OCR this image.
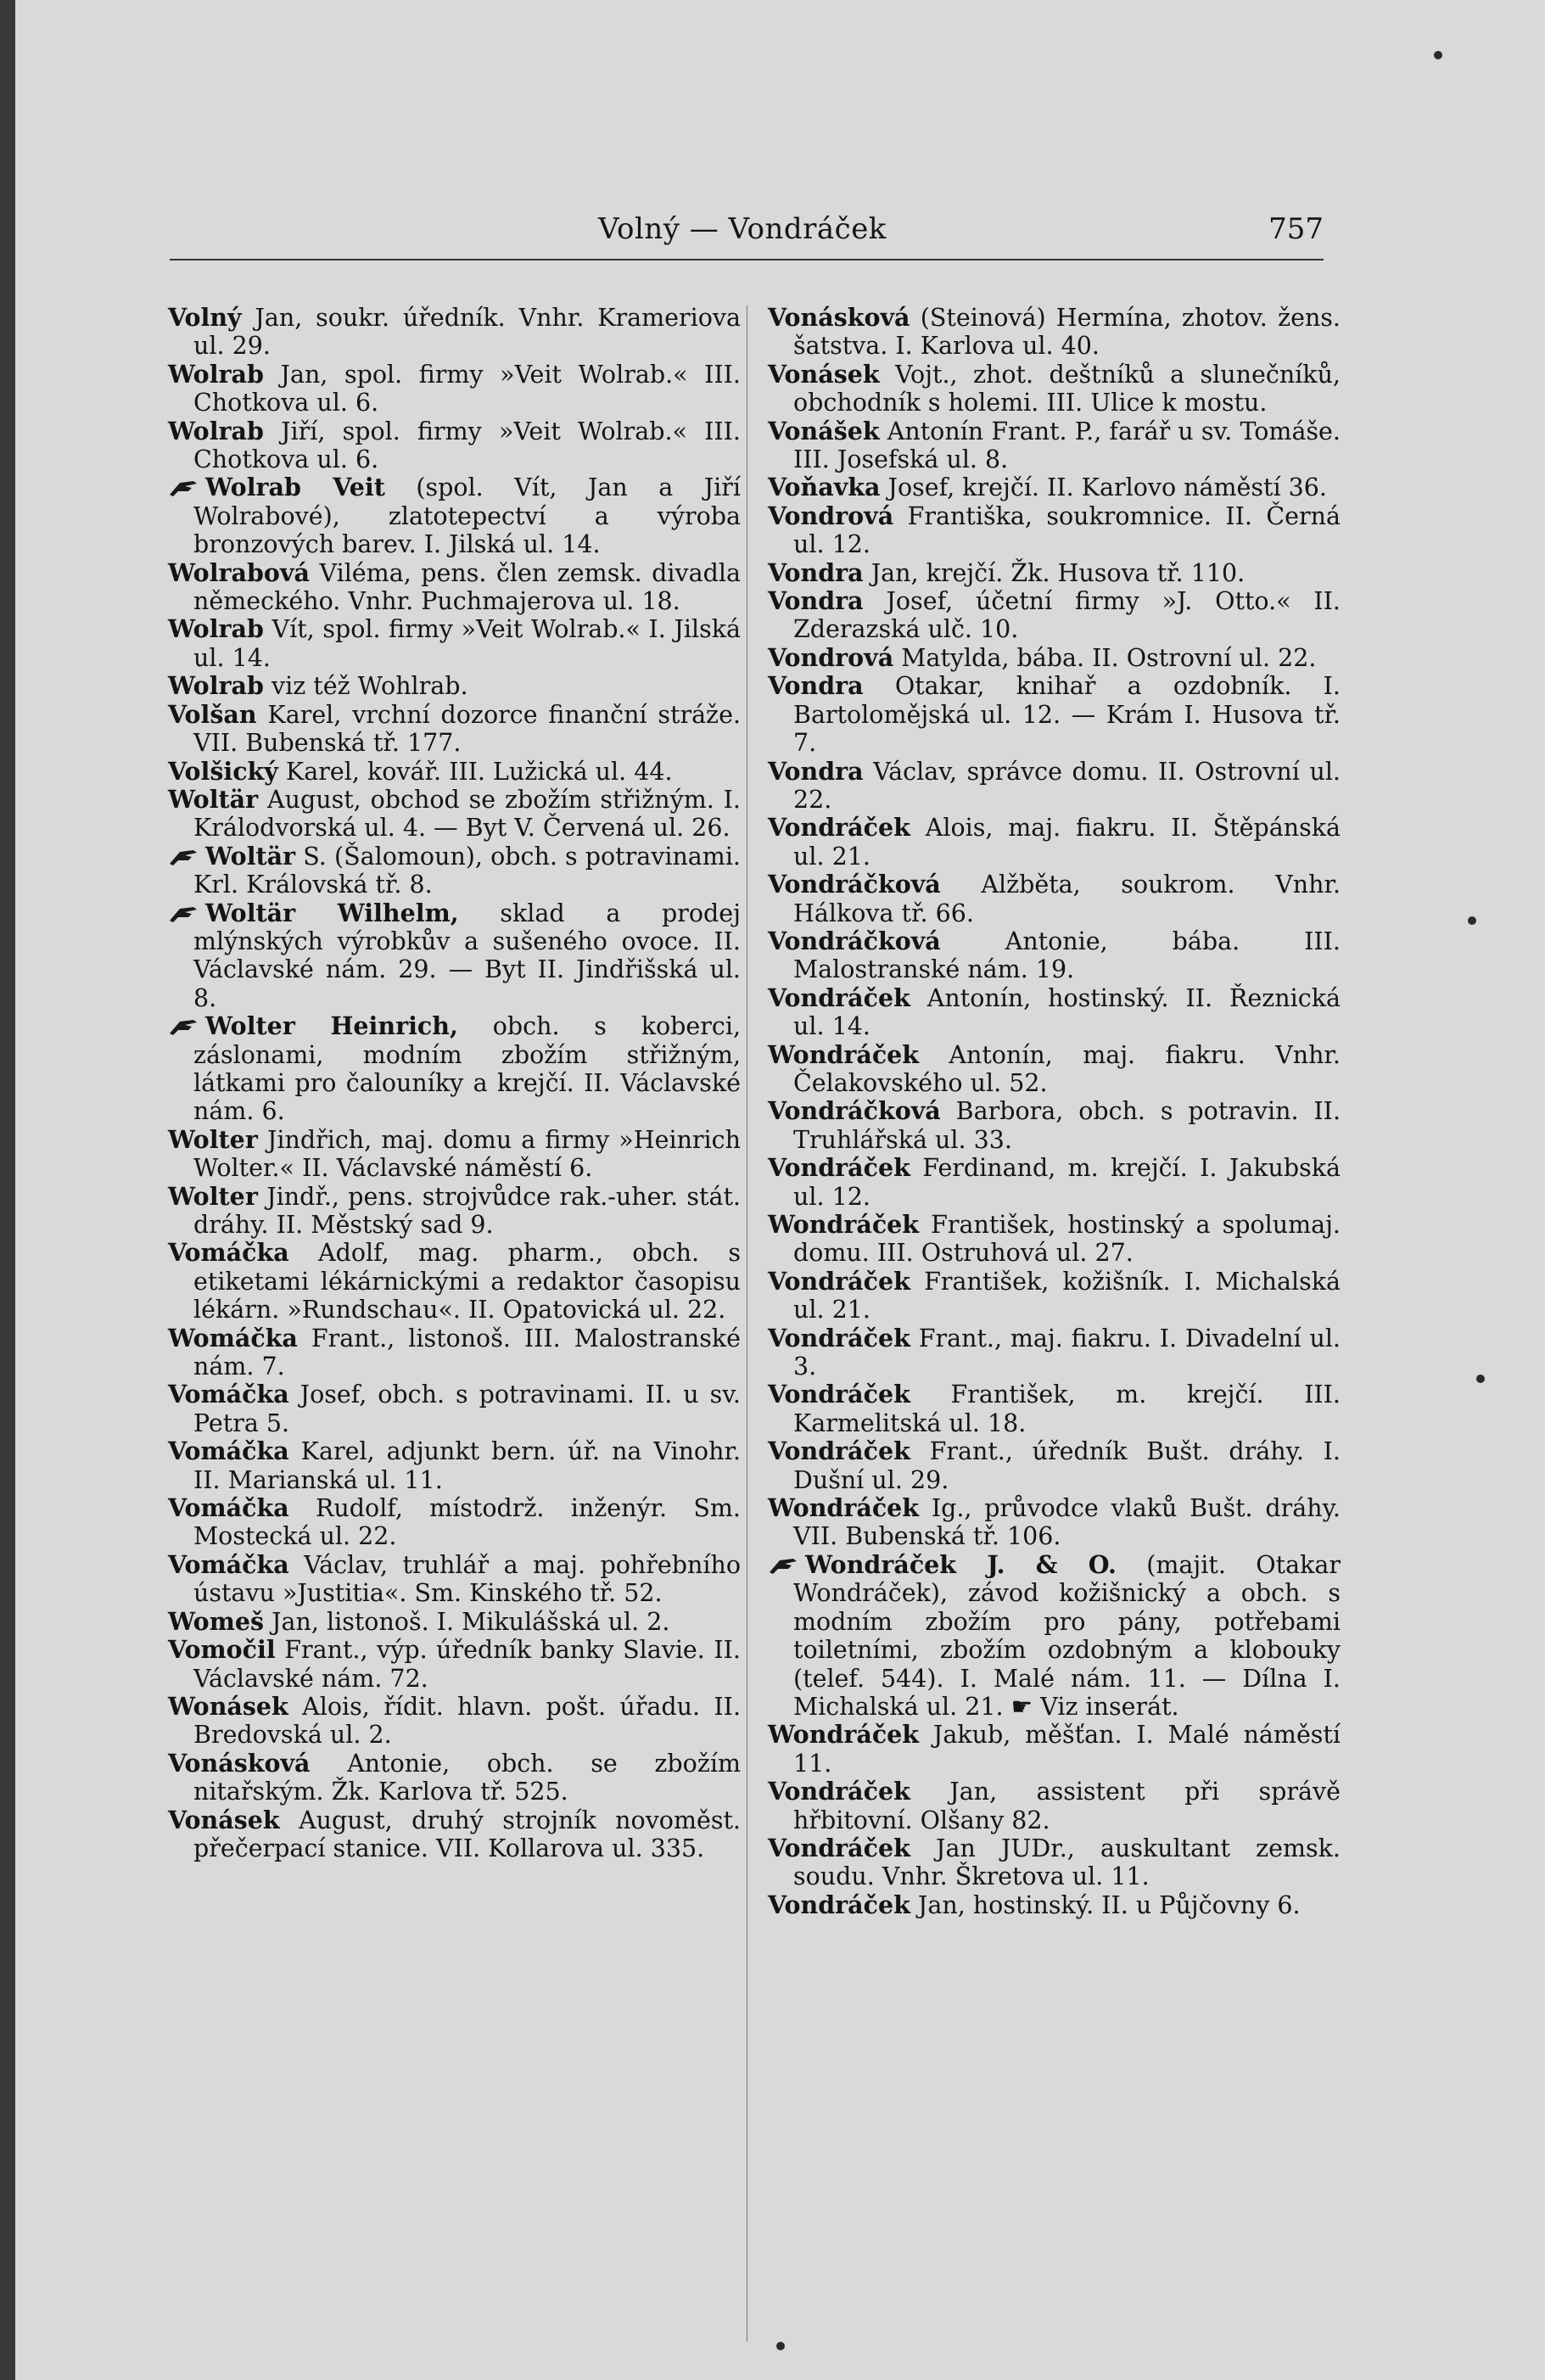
Volný — Vondráček	757

Volný Jan, soukr. úředník. Vnhr. Krameriova ul. 29.

Wolrab Jan, spol. firmy »Veit Wolrab.« III. Chotkova ul. 6.

Wolrab Jiří, spol. firmy »Veit Wolrab.« III. Chotkova ul. 6.

Wolrab Veit (spol. Vít, Jan a Jiří Wolrabové), zlatotepectví a výroba bronzových barev. I. Jilská ul. 14.

Wolrabová Viléma, pens. člen zemsk. divadla německého. Vnhr. Puchmajerova ul. 18.

Wolrab Vít, spol. firmy »Veit Wolrab.« I. Jilská ul. 14.

Wolrab viz též Wohlrab.

Volšan Karel, vrchní dozorce finanční stráže. VII. Bubenská tř. 177.

Volšický Karel, kovář. III. Lužická ul. 44.

Woltär August, obchod se zbožím střižným. I. Králodvorská ul. 4. — Byt V. Červená ul. 26.

Woltär S. (Šalomoun), obch. s potravinami. Krl. Královská tř. 8.

Woltär Wilhelm, sklad a prodej mlýnských výrobkův a sušeného ovoce. II. Václavské nám. 29. — Byt II. Jindřišská ul. 8.

Wolter Heinrich, obch. s koberci, záslonami, modním zbožím střižným, látkami pro čalouníky a krejčí. II. Václavské nám. 6.

Wolter Jindřich, maj. domu a firmy »Heinrich Wolter.« II. Václavské náměstí 6.

Wolter Jindř., pens. strojvůdce rak.-uher. stát. dráhy. II. Městský sad 9.

Vomáčka Adolf, mag. pharm., obch. s etiketami lékárnickými a redaktor časopisu lékárn. »Rundschau«. II. Opatovická ul. 22.

Womáčka Frant., listonoš. III. Malostranské nám. 7.

Vomáčka Josef, obch. s potravinami. II. u sv. Petra 5.

Vomáčka Karel, adjunkt bern. úř. na Vinohr. II. Marianská ul. 11.

Vomáčka Rudolf, místodrž. inženýr. Sm. Mostecká ul. 22.

Vomáčka Václav, truhlář a maj. pohřebního ústavu »Justitia«. Sm. Kinského tř. 52.

Womeš Jan, listonoš. I. Mikulášská ul. 2.

Vomočil Frant., výp. úředník banky Slavie. II. Václavské nám. 72.

Wonásek Alois, řídit. hlavn. pošt. úřadu. II. Bredovská ul. 2.

Vonásková Antonie, obch. se zbožím nitařským. Žk. Karlova tř. 525.

Vonásek August, druhý strojník novoměst. přečerpací stanice. VII. Kollarova ul. 335.

Vonásková (Steinová) Hermína, zhotov. žens. šatstva. I. Karlova ul. 40.

Vonásek Vojt., zhot. deštníků a slunečníků, obchodník s holemi. III. Ulice k mostu.

Vonášek Antonín Frant. P., farář u sv. Tomáše. III. Josefská ul. 8.

Voňavka Josef, krejčí. II. Karlovo náměstí 36.

Vondrová Františka, soukromnice. II. Černá ul. 12.

Vondra Jan, krejčí. Žk. Husova tř. 110.

Vondra Josef, účetní firmy »J. Otto.« II. Zderazská ulč. 10.

Vondrová Matylda, bába. II. Ostrovní ul. 22.

Vondra Otakar, knihař a ozdobník. I. Bartolomějská ul. 12. — Krám I. Husova tř. 7.

Vondra Václav, správce domu. II. Ostrovní ul. 22.

Vondráček Alois, maj. fiakru. II. Štěpánská ul. 21.

Vondráčková Alžběta, soukrom. Vnhr. Hálkova tř. 66.

Vondráčková Antonie, bába. III. Malostranské nám. 19.

Vondráček Antonín, hostinský. II. Řeznická ul. 14.

Wondráček Antonín, maj. fiakru. Vnhr. Čelakovského ul. 52.

Vondráčková Barbora, obch. s potravin. II. Truhlářská ul. 33.

Vondráček Ferdinand, m. krejčí. I. Jakubská ul. 12.

Wondráček František, hostinský a spolumaj. domu. III. Ostruhová ul. 27.

Vondráček František, kožišník. I. Michalská ul. 21.

Vondráček Frant., maj. fiakru. I. Divadelní ul. 3.

Vondráček František, m. krejčí. III. Karmelitská ul. 18.

Vondráček Frant., úředník Bušt. dráhy. I. Dušní ul. 29.

Wondráček Ig., průvodce vlaků Bušt. dráhy. VII. Bubenská tř. 106.

Wondráček J. & O. (majit. Otakar Wondráček), závod kožišnický a obch. s modním zbožím pro pány, potřebami toiletními, zbožím ozdobným a klobouky (telef. 544). I. Malé nám. 11. — Dílna I. Michalská ul. 21. ☛ Viz inserát.

Wondráček Jakub, měšťan. I. Malé náměstí 11.

Vondráček Jan, assistent při správě hřbitovní. Olšany 82.

Vondráček Jan JUDr., auskultant zemsk. soudu. Vnhr. Škretova ul. 11.

Vondráček Jan, hostinský. II. u Půjčovny 6.
